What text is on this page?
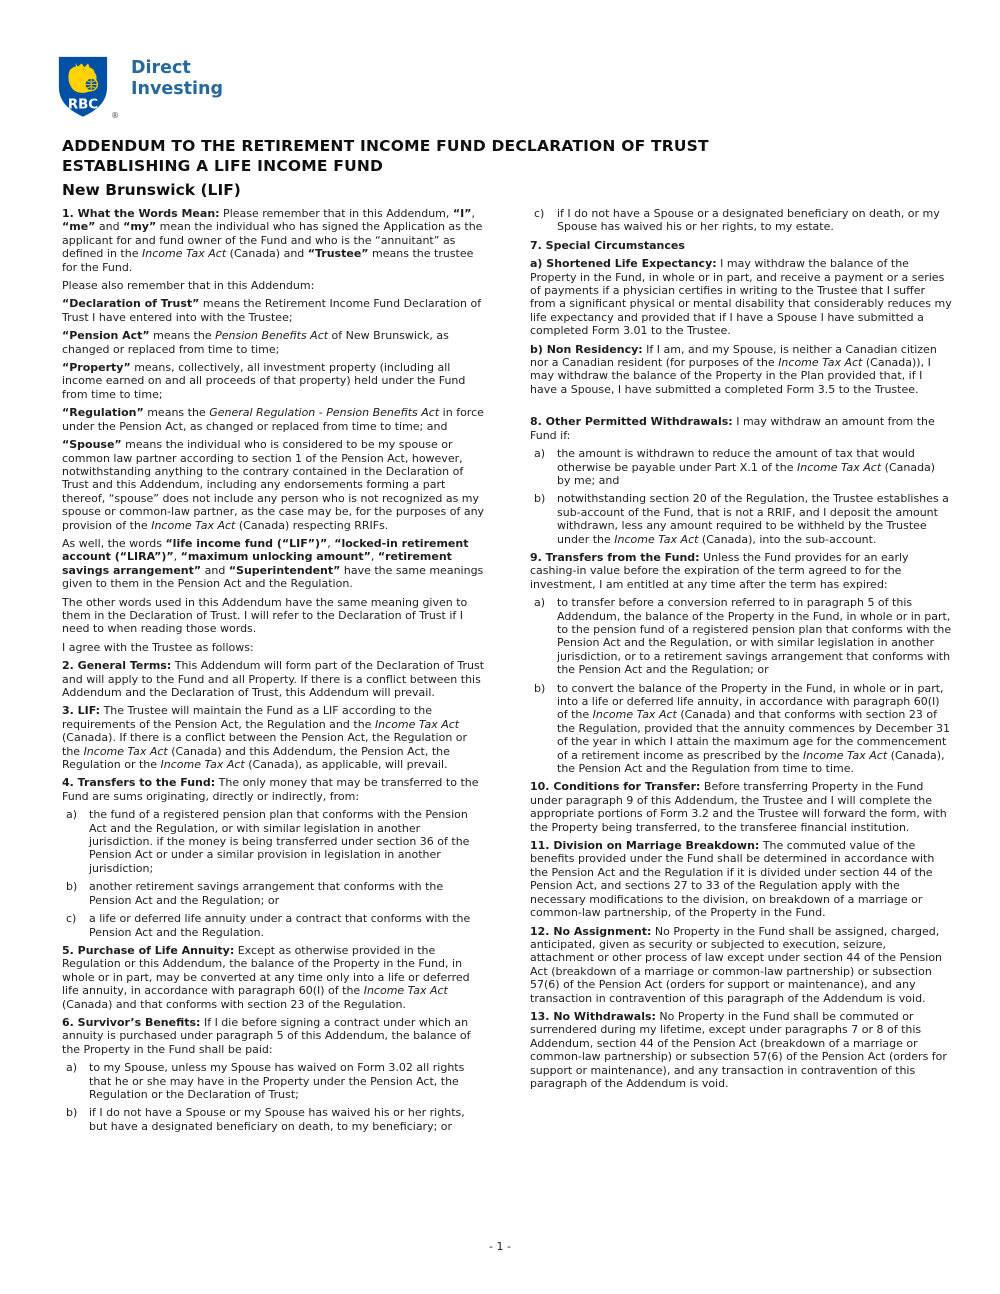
RBC
®
Direct
Investing
ADDENDUM TO THE RETIREMENT INCOME FUND DECLARATION OF TRUST
ESTABLISHING A LIFE INCOME FUND
New Brunswick (LIF)
1. What the Words Mean: Please remember that in this Addendum, “I”, “me” and “my” mean the individual who has signed the Application as the applicant for and fund owner of the Fund and who is the “annuitant” as defined in the Income Tax Act (Canada) and “Trustee” means the trustee for the Fund.
Please also remember that in this Addendum:
“Declaration of Trust” means the Retirement Income Fund Declaration of Trust I have entered into with the Trustee;
“Pension Act” means the Pension Benefits Act of New Brunswick, as changed or replaced from time to time;
“Property” means, collectively, all investment property (including all income earned on and all proceeds of that property) held under the Fund from time to time;
“Regulation” means the General Regulation - Pension Benefits Act in force under the Pension Act, as changed or replaced from time to time; and
“Spouse” means the individual who is considered to be my spouse or common law partner according to section 1 of the Pension Act, however, notwithstanding anything to the contrary contained in the Declaration of Trust and this Addendum, including any endorsements forming a part thereof, “spouse” does not include any person who is not recognized as my spouse or common-law partner, as the case may be, for the purposes of any provision of the Income Tax Act (Canada) respecting RRIFs.
As well, the words “life income fund (“LIF”)”, “locked-in retirement account (“LIRA”)”, “maximum unlocking amount”, “retirement savings arrangement” and “Superintendent” have the same meanings given to them in the Pension Act and the Regulation.
The other words used in this Addendum have the same meaning given to them in the Declaration of Trust. I will refer to the Declaration of Trust if I need to when reading those words.
I agree with the Trustee as follows:
2. General Terms: This Addendum will form part of the Declaration of Trust and will apply to the Fund and all Property. If there is a conflict between this Addendum and the Declaration of Trust, this Addendum will prevail.
3. LIF: The Trustee will maintain the Fund as a LIF according to the requirements of the Pension Act, the Regulation and the Income Tax Act (Canada). If there is a conflict between the Pension Act, the Regulation or the Income Tax Act (Canada) and this Addendum, the Pension Act, the Regulation or the Income Tax Act (Canada), as applicable, will prevail.
4. Transfers to the Fund: The only money that may be transferred to the Fund are sums originating, directly or indirectly, from:
a)	the fund of a registered pension plan that conforms with the Pension Act and the Regulation, or with similar legislation in another jurisdiction. if the money is being transferred under section 36 of the Pension Act or under a similar provision in legislation in another jurisdiction;
b)	another retirement savings arrangement that conforms with the Pension Act and the Regulation; or
c)	a life or deferred life annuity under a contract that conforms with the Pension Act and the Regulation.
5. Purchase of Life Annuity: Except as otherwise provided in the Regulation or this Addendum, the balance of the Property in the Fund, in whole or in part, may be converted at any time only into a life or deferred life annuity, in accordance with paragraph 60(I) of the Income Tax Act (Canada) and that conforms with section 23 of the Regulation.
6. Survivor’s Benefits: If I die before signing a contract under which an annuity is purchased under paragraph 5 of this Addendum, the balance of the Property in the Fund shall be paid:
a)	to my Spouse, unless my Spouse has waived on Form 3.02 all rights that he or she may have in the Property under the Pension Act, the Regulation or the Declaration of Trust;
b)	if I do not have a Spouse or my Spouse has waived his or her rights, but have a designated beneficiary on death, to my beneficiary; or
c)	if I do not have a Spouse or a designated beneficiary on death, or my Spouse has waived his or her rights, to my estate.
7. Special Circumstances
a) Shortened Life Expectancy: I may withdraw the balance of the Property in the Fund, in whole or in part, and receive a payment or a series of payments if a physician certifies in writing to the Trustee that I suffer from a significant physical or mental disability that considerably reduces my life expectancy and provided that if I have a Spouse I have submitted a completed Form 3.01 to the Trustee.
b) Non Residency: If I am, and my Spouse, is neither a Canadian citizen nor a Canadian resident (for purposes of the Income Tax Act (Canada)), I may withdraw the balance of the Property in the Plan provided that, if I have a Spouse, I have submitted a completed Form 3.5 to the Trustee.
8. Other Permitted Withdrawals: I may withdraw an amount from the Fund if:
a)	the amount is withdrawn to reduce the amount of tax that would otherwise be payable under Part X.1 of the Income Tax Act (Canada) by me; and
b)	notwithstanding section 20 of the Regulation, the Trustee establishes a sub-account of the Fund, that is not a RRIF, and I deposit the amount withdrawn, less any amount required to be withheld by the Trustee under the Income Tax Act (Canada), into the sub-account.
9. Transfers from the Fund: Unless the Fund provides for an early cashing-in value before the expiration of the term agreed to for the investment, I am entitled at any time after the term has expired:
a)	to transfer before a conversion referred to in paragraph 5 of this Addendum, the balance of the Property in the Fund, in whole or in part, to the pension fund of a registered pension plan that conforms with the Pension Act and the Regulation, or with similar legislation in another jurisdiction, or to a retirement savings arrangement that conforms with the Pension Act and the Regulation; or
b)	to convert the balance of the Property in the Fund, in whole or in part, into a life or deferred life annuity, in accordance with paragraph 60(I) of the Income Tax Act (Canada) and that conforms with section 23 of the Regulation, provided that the annuity commences by December 31 of the year in which I attain the maximum age for the commencement of a retirement income as prescribed by the Income Tax Act (Canada), the Pension Act and the Regulation from time to time.
10. Conditions for Transfer: Before transferring Property in the Fund under paragraph 9 of this Addendum, the Trustee and I will complete the appropriate portions of Form 3.2 and the Trustee will forward the form, with the Property being transferred, to the transferee financial institution.
11. Division on Marriage Breakdown: The commuted value of the benefits provided under the Fund shall be determined in accordance with the Pension Act and the Regulation if it is divided under section 44 of the Pension Act, and sections 27 to 33 of the Regulation apply with the necessary modifications to the division, on breakdown of a marriage or common-law partnership, of the Property in the Fund.
12. No Assignment: No Property in the Fund shall be assigned, charged, anticipated, given as security or subjected to execution, seizure, attachment or other process of law except under section 44 of the Pension Act (breakdown of a marriage or common-law partnership) or subsection 57(6) of the Pension Act (orders for support or maintenance), and any transaction in contravention of this paragraph of the Addendum is void.
13. No Withdrawals: No Property in the Fund shall be commuted or surrendered during my lifetime, except under paragraphs 7 or 8 of this Addendum, section 44 of the Pension Act (breakdown of a marriage or common-law partnership) or subsection 57(6) of the Pension Act (orders for support or maintenance), and any transaction in contravention of this paragraph of the Addendum is void.
- 1 -
